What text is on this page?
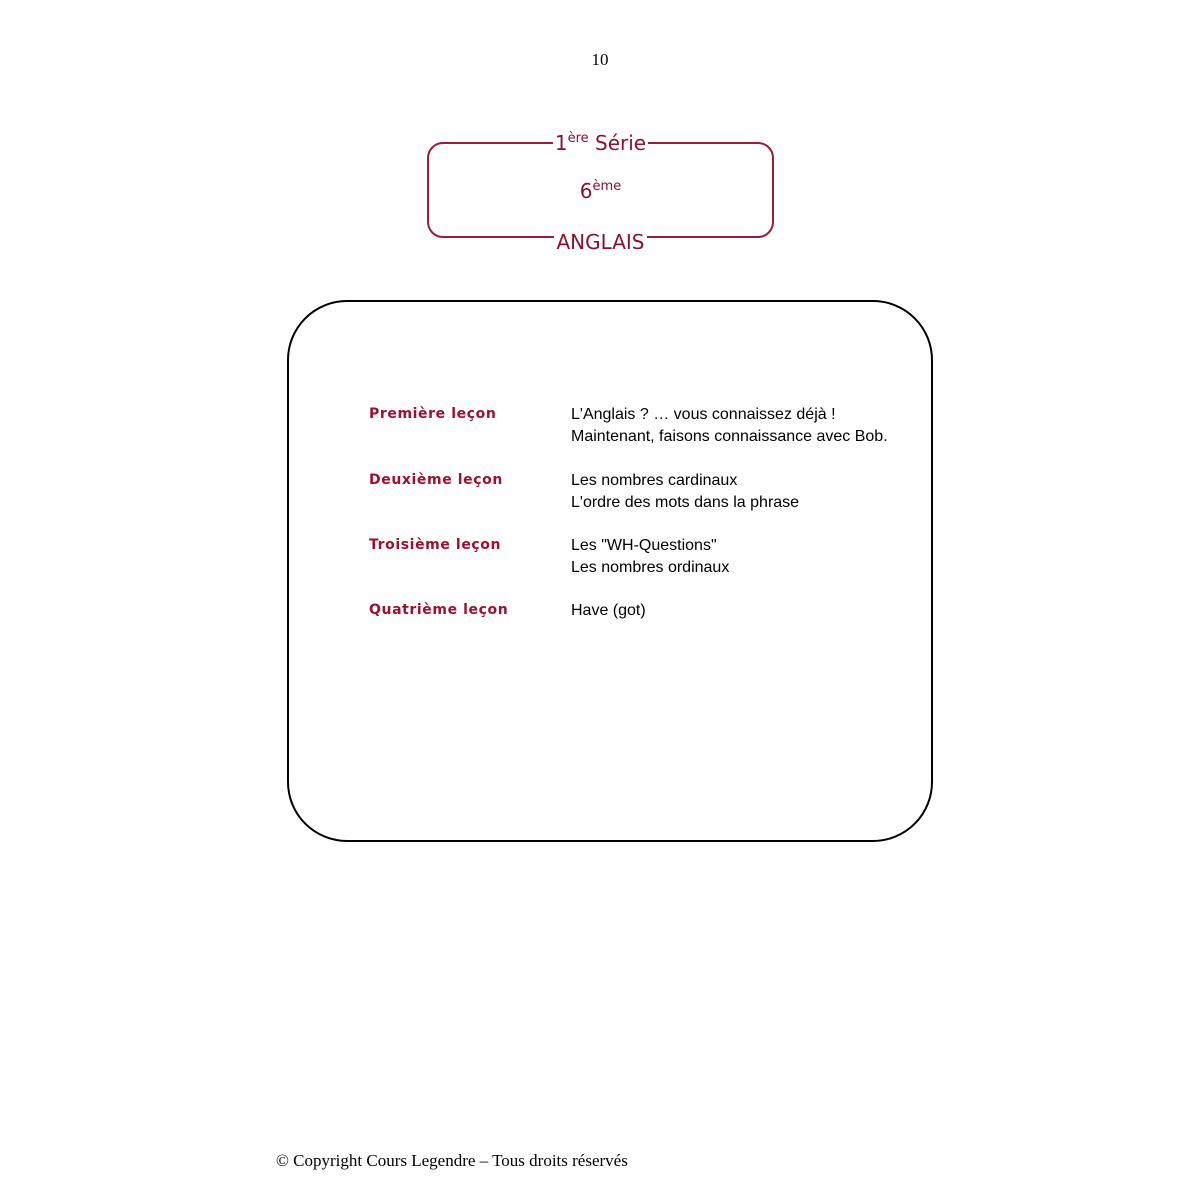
10
1ère Série
6ème
ANGLAIS
Première leçon	L'Anglais ? … vous connaissez déjà !
Maintenant, faisons connaissance avec Bob.
Deuxième leçon	Les nombres cardinaux
L'ordre des mots dans la phrase
Troisième leçon	Les "WH-Questions"
Les nombres ordinaux
Quatrième leçon	Have (got)
© Copyright Cours Legendre – Tous droits réservés
